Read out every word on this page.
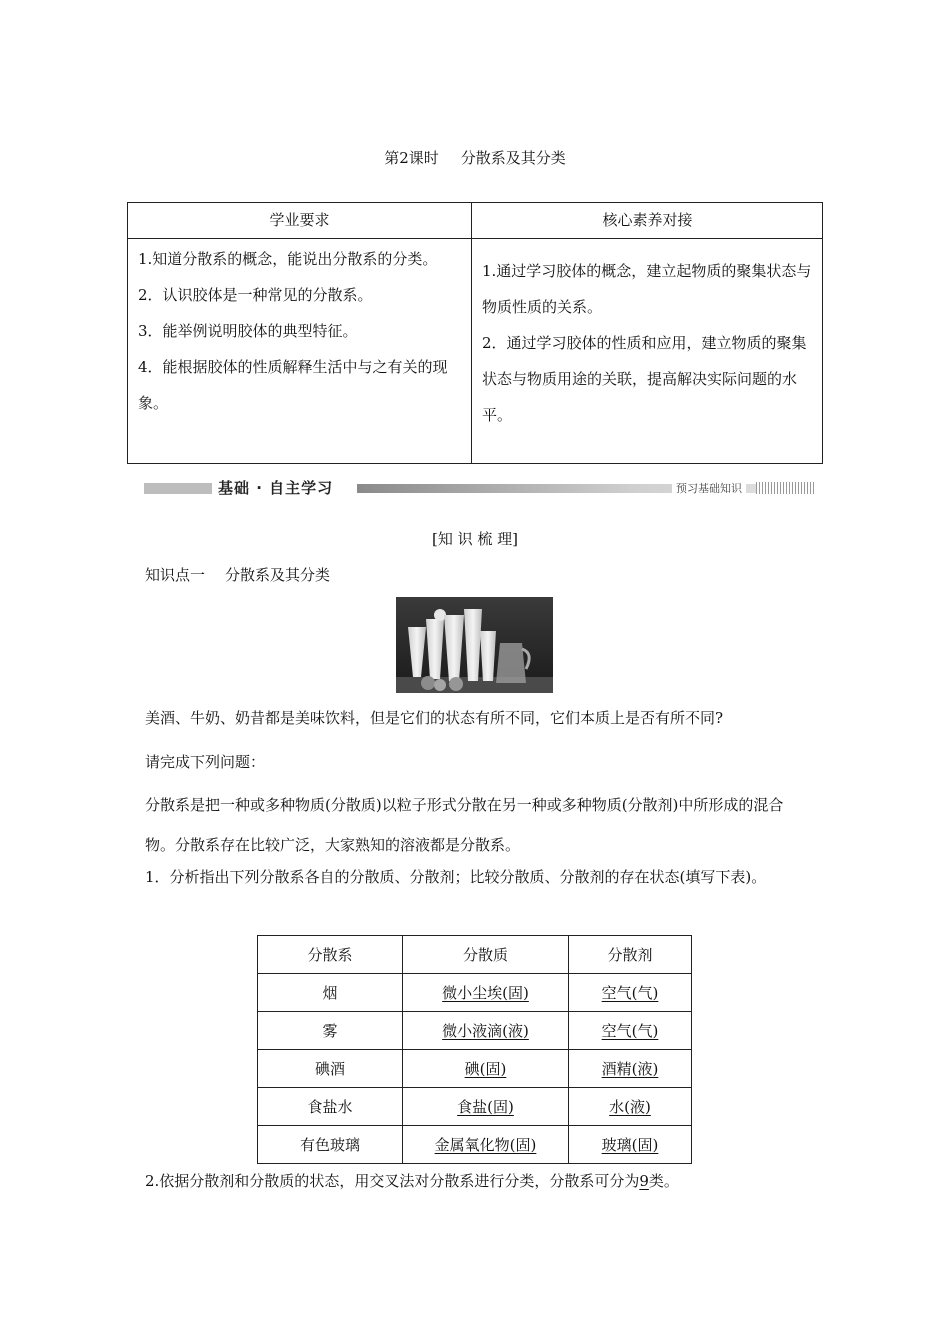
第2课时 分散系及其分类
学业要求	核心素养对接
1.知道分散系的概念，能说出分散系的分类。
2．认识胶体是一种常见的分散系。
3．能举例说明胶体的典型特征。
4．能根据胶体的性质解释生活中与之有关的现象。
1.通过学习胶体的概念，建立起物质的聚集状态与物质性质的关系。
2．通过学习胶体的性质和应用，建立物质的聚集状态与物质用途的关联，提高解决实际问题的水平。
基础 · 自主学习	预习基础知识
[知 识 梳 理]
知识点一 分散系及其分类
美酒、牛奶、奶昔都是美味饮料，但是它们的状态有所不同，它们本质上是否有所不同?
请完成下列问题：
分散系是把一种或多种物质(分散质)以粒子形式分散在另一种或多种物质(分散剂)中所形成的混合物。分散系存在比较广泛，大家熟知的溶液都是分散系。
1．分析指出下列分散系各自的分散质、分散剂；比较分散质、分散剂的存在状态(填写下表)。
分散系	分散质	分散剂
烟	微小尘埃(固)	空气(气)
雾	微小液滴(液)	空气(气)
碘酒	碘(固)	酒精(液)
食盐水	食盐(固)	水(液)
有色玻璃	金属氧化物(固)	玻璃(固)
2.依据分散剂和分散质的状态，用交叉法对分散系进行分类，分散系可分为9类。
